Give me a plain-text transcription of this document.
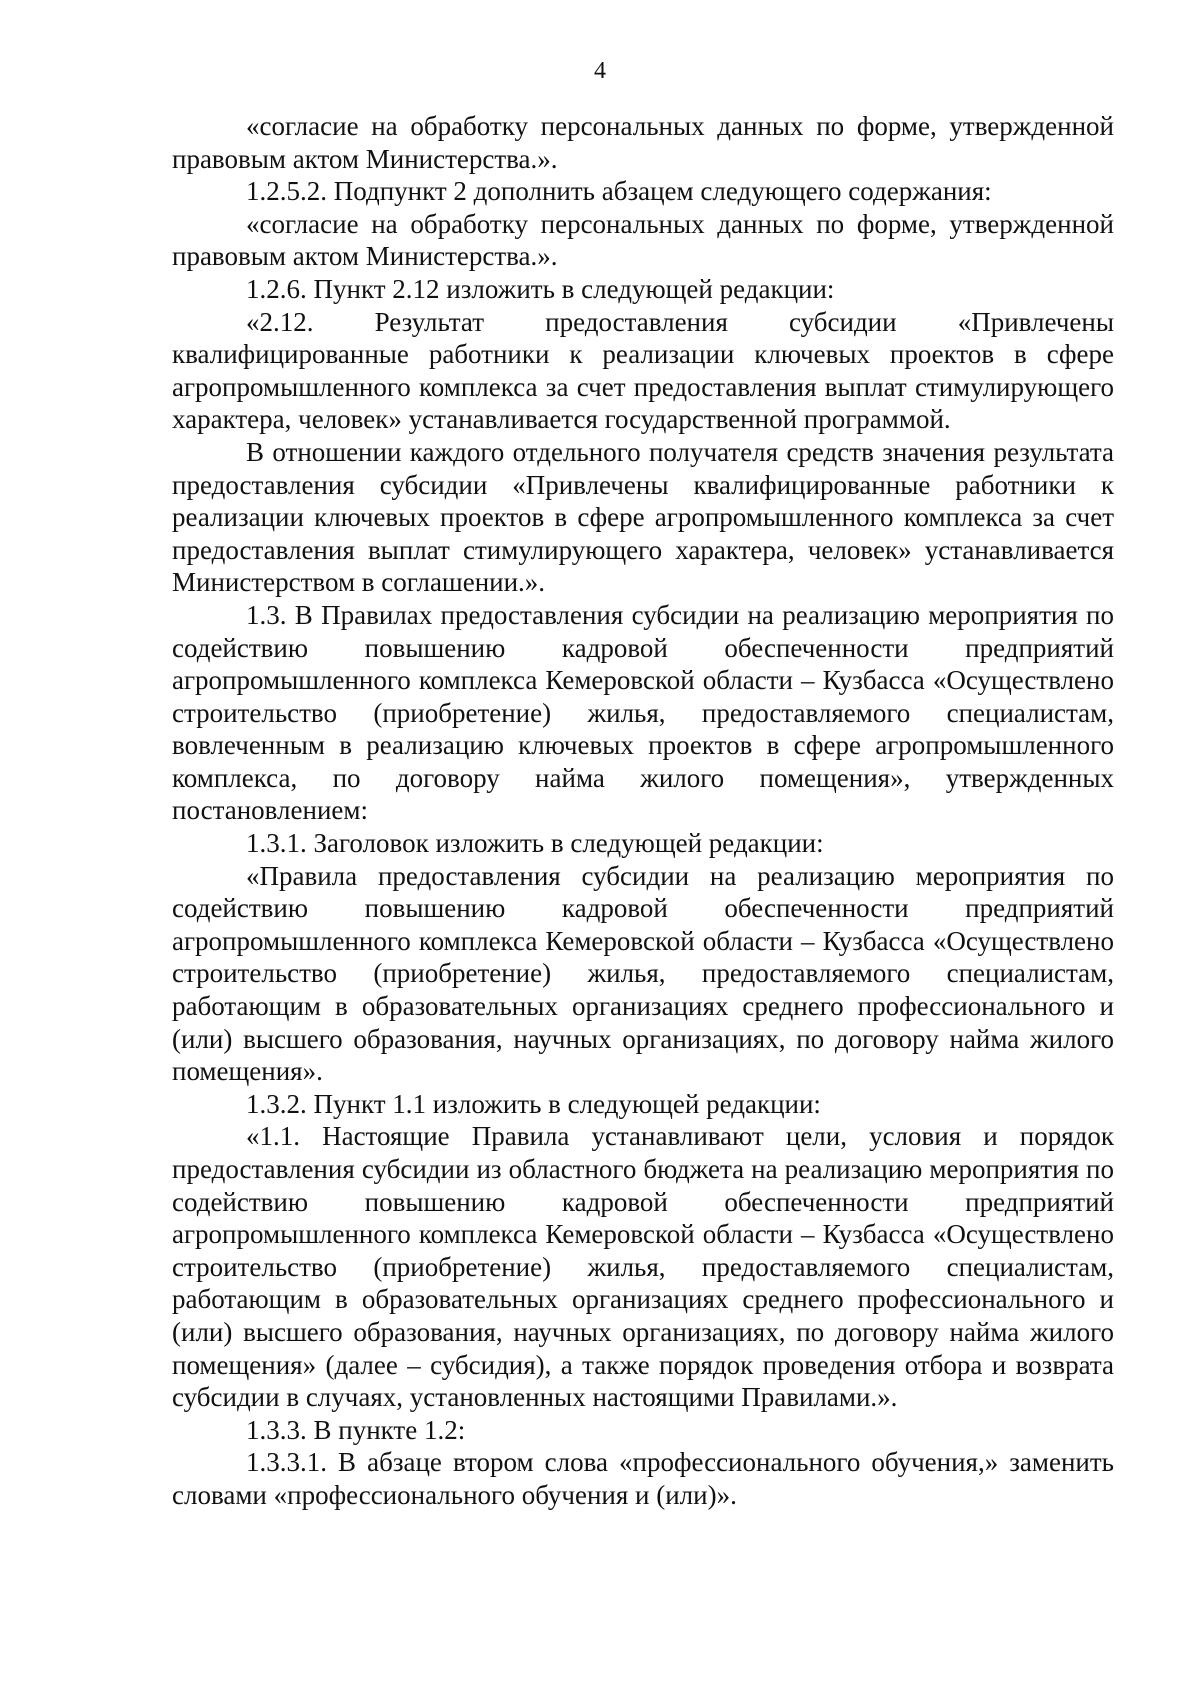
4

«согласие на обработку персональных данных по форме, утвержденной правовым актом Министерства.».

1.2.5.2. Подпункт 2 дополнить абзацем следующего содержания:

«согласие на обработку персональных данных по форме, утвержденной правовым актом Министерства.».

1.2.6. Пункт 2.12 изложить в следующей редакции:

«2.12. Результат предоставления субсидии «Привлечены квалифицированные работники к реализации ключевых проектов в сфере агропромышленного комплекса за счет предоставления выплат стимулирующего характера, человек» устанавливается государственной программой.

В отношении каждого отдельного получателя средств значения результата предоставления субсидии «Привлечены квалифицированные работники к реализации ключевых проектов в сфере агропромышленного комплекса за счет предоставления выплат стимулирующего характера, человек» устанавливается Министерством в соглашении.».

1.3. В Правилах предоставления субсидии на реализацию мероприятия по содействию повышению кадровой обеспеченности предприятий агропромышленного комплекса Кемеровской области – Кузбасса «Осуществлено строительство (приобретение) жилья, предоставляемого специалистам, вовлеченным в реализацию ключевых проектов в сфере агропромышленного комплекса, по договору найма жилого помещения», утвержденных постановлением:

1.3.1. Заголовок изложить в следующей редакции:

«Правила предоставления субсидии на реализацию мероприятия по содействию повышению кадровой обеспеченности предприятий агропромышленного комплекса Кемеровской области – Кузбасса «Осуществлено строительство (приобретение) жилья, предоставляемого специалистам, работающим в образовательных организациях среднего профессионального и (или) высшего образования, научных организациях, по договору найма жилого помещения».

1.3.2. Пункт 1.1 изложить в следующей редакции:

«1.1. Настоящие Правила устанавливают цели, условия и порядок предоставления субсидии из областного бюджета на реализацию мероприятия по содействию повышению кадровой обеспеченности предприятий агропромышленного комплекса Кемеровской области – Кузбасса «Осуществлено строительство (приобретение) жилья, предоставляемого специалистам, работающим в образовательных организациях среднего профессионального и (или) высшего образования, научных организациях, по договору найма жилого помещения» (далее – субсидия), а также порядок проведения отбора и возврата субсидии в случаях, установленных настоящими Правилами.».

1.3.3. В пункте 1.2:

1.3.3.1. В абзаце втором слова «профессионального обучения,» заменить словами «профессионального обучения и (или)».
